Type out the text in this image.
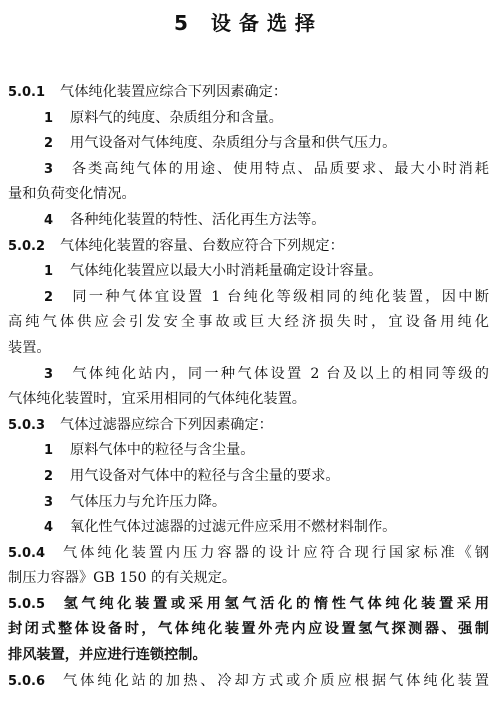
5 设备选择
5.0.1 气体纯化装置应综合下列因素确定：
1 原料气的纯度、杂质组分和含量。
2 用气设备对气体纯度、杂质组分与含量和供气压力。
3 各类高纯气体的用途、使用特点、品质要求、最大小时消耗
量和负荷变化情况。
4 各种纯化装置的特性、活化再生方法等。
5.0.2 气体纯化装置的容量、台数应符合下列规定：
1 气体纯化装置应以最大小时消耗量确定设计容量。
2 同一种气体宜设置 1 台纯化等级相同的纯化装置，因中断
高纯气体供应会引发安全事故或巨大经济损失时，宜设备用纯化
装置。
3 气体纯化站内，同一种气体设置 2 台及以上的相同等级的
气体纯化装置时，宜采用相同的气体纯化装置。
5.0.3 气体过滤器应综合下列因素确定：
1 原料气体中的粒径与含尘量。
2 用气设备对气体中的粒径与含尘量的要求。
3 气体压力与允许压力降。
4 氧化性气体过滤器的过滤元件应采用不燃材料制作。
5.0.4 气体纯化装置内压力容器的设计应符合现行国家标准《钢
制压力容器》GB 150 的有关规定。
5.0.5 氢气纯化装置或采用氢气活化的惰性气体纯化装置采用
封闭式整体设备时，气体纯化装置外壳内应设置氢气探测器、强制
排风装置，并应进行连锁控制。
5.0.6 气体纯化站的加热、冷却方式或介质应根据气体纯化装置
